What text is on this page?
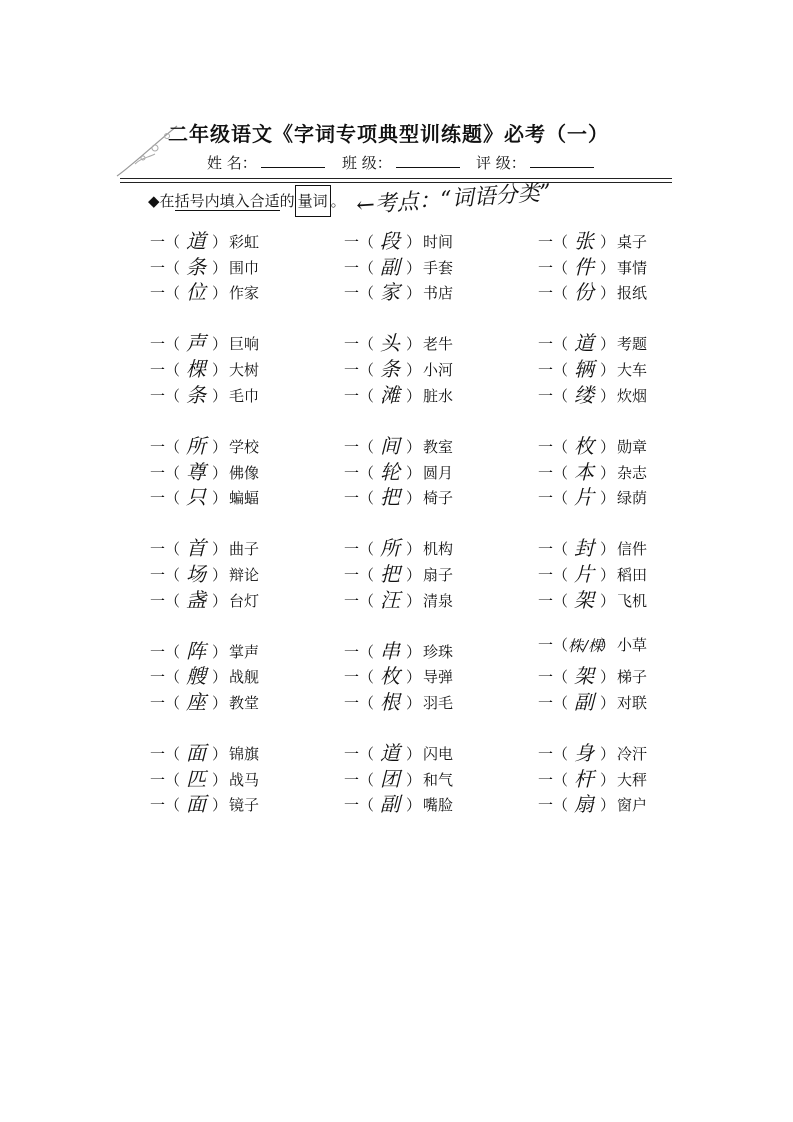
二年级语文《字词专项典型训练题》必考（一）
姓 名：	班 级：	评 级：
◆在括号内填入合适的 量词 。 ←考点：“词语分类”
一（ 道 ） 彩虹
一（ 条 ） 围巾
一（ 位 ） 作家
一（ 声 ） 巨响
一（ 棵 ） 大树
一（ 条 ） 毛巾
一（ 所 ） 学校
一（ 尊 ） 佛像
一（ 只 ） 蝙蝠
一（ 首 ） 曲子
一（ 场 ） 辩论
一（ 盏 ） 台灯
一（ 阵 ） 掌声
一（ 艘 ） 战舰
一（ 座 ） 教堂
一（ 面 ） 锦旗
一（ 匹 ） 战马
一（ 面 ） 镜子
一（ 段 ） 时间
一（ 副 ） 手套
一（ 家 ） 书店
一（ 头 ） 老牛
一（ 条 ） 小河
一（ 滩 ） 脏水
一（ 间 ） 教室
一（ 轮 ） 圆月
一（ 把 ） 椅子
一（ 所 ） 机构
一（ 把 ） 扇子
一（ 汪 ） 清泉
一（ 串 ） 珍珠
一（ 枚 ） 导弹
一（ 根 ） 羽毛
一（ 道 ） 闪电
一（ 团 ） 和气
一（ 副 ） 嘴脸
一（ 张 ） 桌子
一（ 件 ） 事情
一（ 份 ） 报纸
一（ 道 ） 考题
一（ 辆 ） 大车
一（ 缕 ） 炊烟
一（ 枚 ） 勋章
一（ 本 ） 杂志
一（ 片 ） 绿荫
一（ 封 ） 信件
一（ 片 ） 稻田
一（ 架 ） 飞机
一（株/棵） 小草
一（ 架 ） 梯子
一（ 副 ） 对联
一（ 身 ） 冷汗
一（ 杆 ） 大秤
一（ 扇 ） 窗户
